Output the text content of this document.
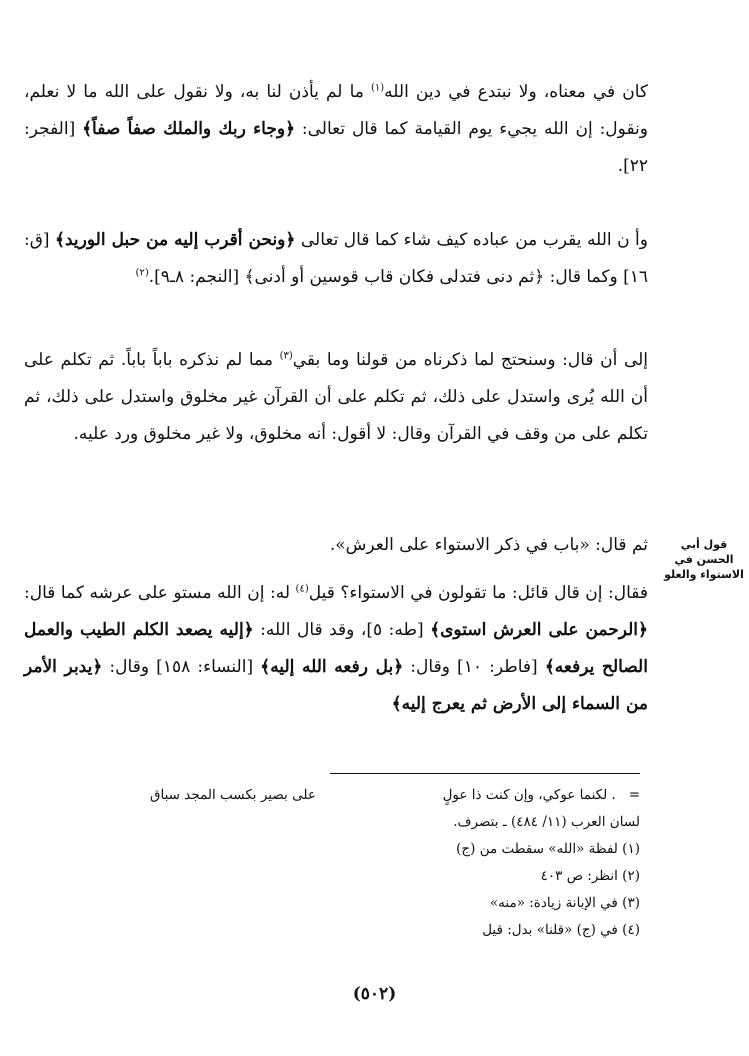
كان في معناه، ولا نبتدع في دين الله$^{(١)}$ ما لم يأذن لنا به، ولا نقول على الله ما لا نعلم، ونقول: إن الله يجيء يوم القيامة كما قال تعالى: ﴿وجاء ربك والملك صفاً صفاً﴾ [الفجر: ٢٢].

وأ ن الله يقرب من عباده كيف شاء كما قال تعالى ﴿ونحن أقرب إليه من حبل الوريد﴾ [ق: ١٦] وكما قال: ﴿ثم دنى فتدلى فكان قاب قوسين أو أدنى﴾ [النجم: ٨ـ٩].$^{(٢)}$

إلى أن قال: وسنحتج لما ذكرناه من قولنا وما بقي$^{(٣)}$ مما لم نذكره باباً باباً. ثم تكلم على أن الله يُرى واستدل على ذلك، ثم تكلم على أن القرآن غير مخلوق واستدل على ذلك، ثم تكلم على من وقف في القرآن وقال: لا أقول: أنه مخلوق، ولا غير مخلوق ورد عليه.

ثم قال: «باب في ذكر الاستواء على العرش».

فقال: إن قال قائل: ما تقولون في الاستواء؟ قيل$^{(٤)}$ له: إن الله مستو على عرشه كما قال: ﴿الرحمن على العرش استوى﴾ [طه: ٥]، وقد قال الله: ﴿إليه يصعد الكلم الطيب والعمل الصالح يرفعه﴾ [فاطر: ١٠] وقال: ﴿بل رفعه الله إليه﴾ [النساء: ١٥٨] وقال: ﴿يدبر الأمر من السماء إلى الأرض ثم يعرج إليه﴾

قول أبي
الحسن في
الاستواء والعلو
=   . لكنما عوكي، وإن كنت ذا عولٍ
على بصير بكسب المجد سباق
لسان العرب (١١/ ٤٨٤) ـ بتصرف.
(١) لفظة «الله» سقطت من (ج)
(٢) انظر: ص ٤٠٣
(٣) في الإبانة زيادة: «منه»
(٤) في (ج) «قلنا» بدل: قيل
(٥٠٢)
